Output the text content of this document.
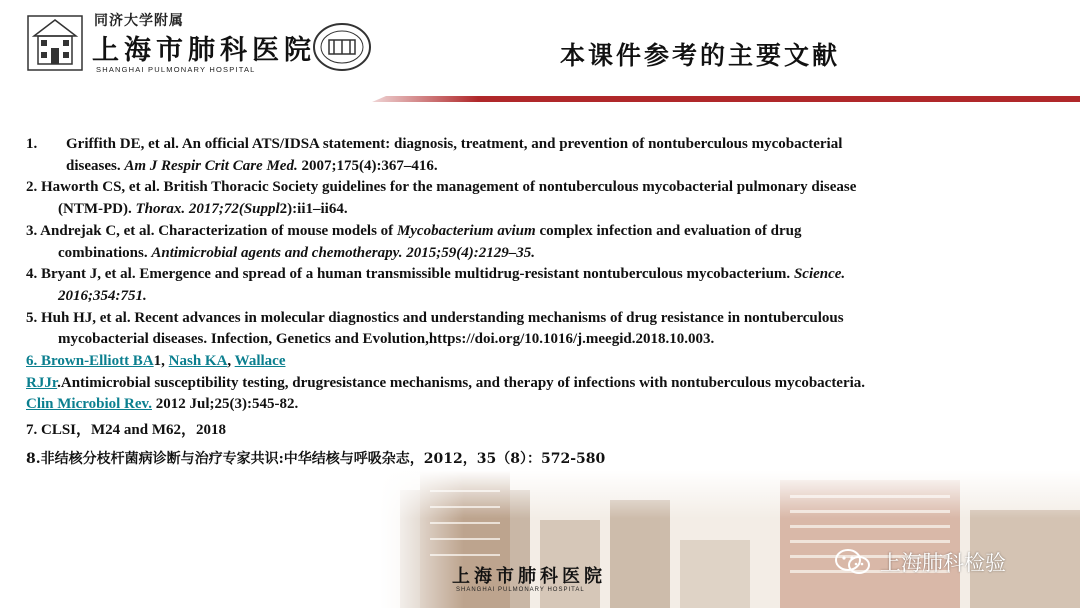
同济大学附属
上海市肺科医院
SHANGHAI PULMONARY HOSPITAL	本课件参考的主要文献

1. Griffith DE, et al. An official ATS/IDSA statement: diagnosis, treatment, and prevention of nontuberculous mycobacterial
diseases. Am J Respir Crit Care Med. 2007;175(4):367–416.

2. Haworth CS, et al. British Thoracic Society guidelines for the management of nontuberculous mycobacterial pulmonary disease
(NTM-PD). Thorax. 2017;72(Suppl2):ii1–ii64.

3. Andrejak C, et al. Characterization of mouse models of Mycobacterium avium complex infection and evaluation of drug
combinations. Antimicrobial agents and chemotherapy. 2015;59(4):2129–35.

4. Bryant J, et al. Emergence and spread of a human transmissible multidrug-resistant nontuberculous mycobacterium. Science.
2016;354:751.

5. Huh HJ, et al. Recent advances in molecular diagnostics and understanding mechanisms of drug resistance in nontuberculous
mycobacterial diseases. Infection, Genetics and Evolution,https://doi.org/10.1016/j.meegid.2018.10.003.

6. Brown-Elliott BA1, Nash KA, Wallace
RJJr.Antimicrobial susceptibility testing, drugresistance mechanisms, and therapy of infections with nontuberculous mycobacteria.
Clin Microbiol Rev. 2012 Jul;25(3):545-82.

7. CLSI，M24 and M62，2018

8.非结核分枝杆菌病诊断与治疗专家共识:中华结核与呼吸杂志，2012，35（8）：572-580

上海市肺科医院
SHANGHAI PULMONARY HOSPITAL
上海肺科检验
